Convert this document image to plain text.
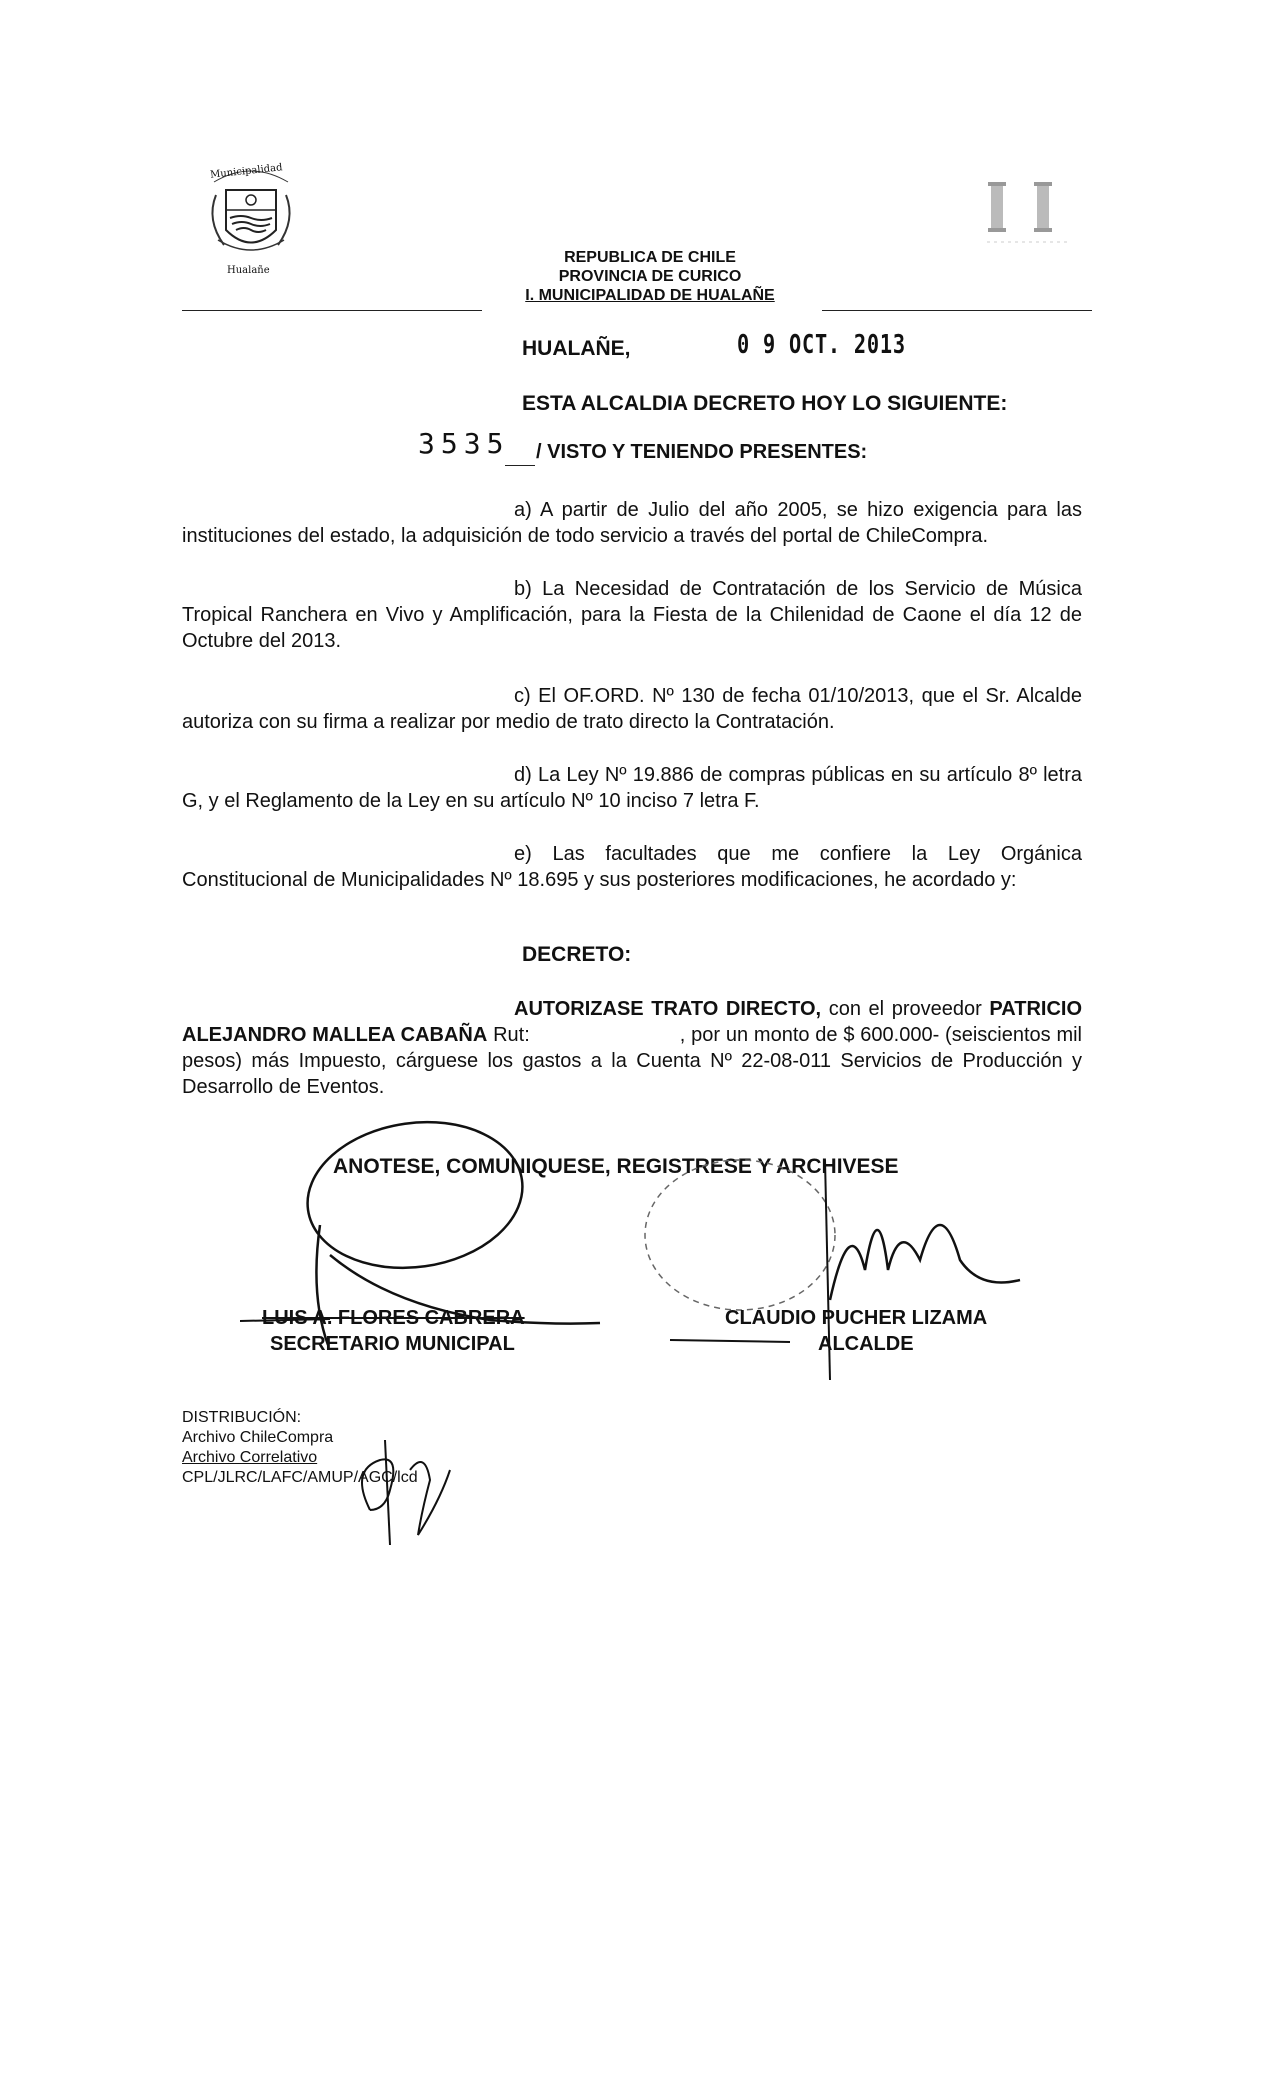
Municipalidad
Hualañe
REPUBLICA DE CHILE
PROVINCIA DE CURICO
I. MUNICIPALIDAD DE HUALAÑE
HUALAÑE,	0 9 OCT. 2013
ESTA ALCALDIA DECRETO HOY LO SIGUIENTE:
3535 / VISTO Y TENIENDO PRESENTES:
a) A partir de Julio del año 2005, se hizo exigencia para las instituciones del estado, la adquisición de todo servicio a través del portal de ChileCompra.
b) La Necesidad de Contratación de los Servicio de Música Tropical Ranchera en Vivo y Amplificación, para la Fiesta de la Chilenidad de Caone el día 12 de Octubre del 2013.
c) El OF.ORD. Nº 130 de fecha 01/10/2013, que el Sr. Alcalde autoriza con su firma a realizar por medio de trato directo la Contratación.
d) La Ley Nº 19.886 de compras públicas en su artículo 8º letra G, y el Reglamento de la Ley en su artículo Nº 10 inciso 7 letra F.
e) Las facultades que me confiere la Ley Orgánica Constitucional de Municipalidades Nº 18.695 y sus posteriores modificaciones, he acordado y:
DECRETO:
AUTORIZASE TRATO DIRECTO, con el proveedor PATRICIO ALEJANDRO MALLEA CABAÑA Rut:	, por un monto de $ 600.000- (seiscientos mil pesos) más Impuesto, cárguese los gastos a la Cuenta Nº 22-08-011 Servicios de Producción y Desarrollo de Eventos.
ANOTESE, COMUNIQUESE, REGISTRESE Y ARCHIVESE
LUIS A. FLORES CABRERA
SECRETARIO MUNICIPAL
CLAUDIO PUCHER LIZAMA
ALCALDE
DISTRIBUCIÓN:
Archivo ChileCompra
Archivo Correlativo
CPL/JLRC/LAFC/AMUP/AGC/lcd
